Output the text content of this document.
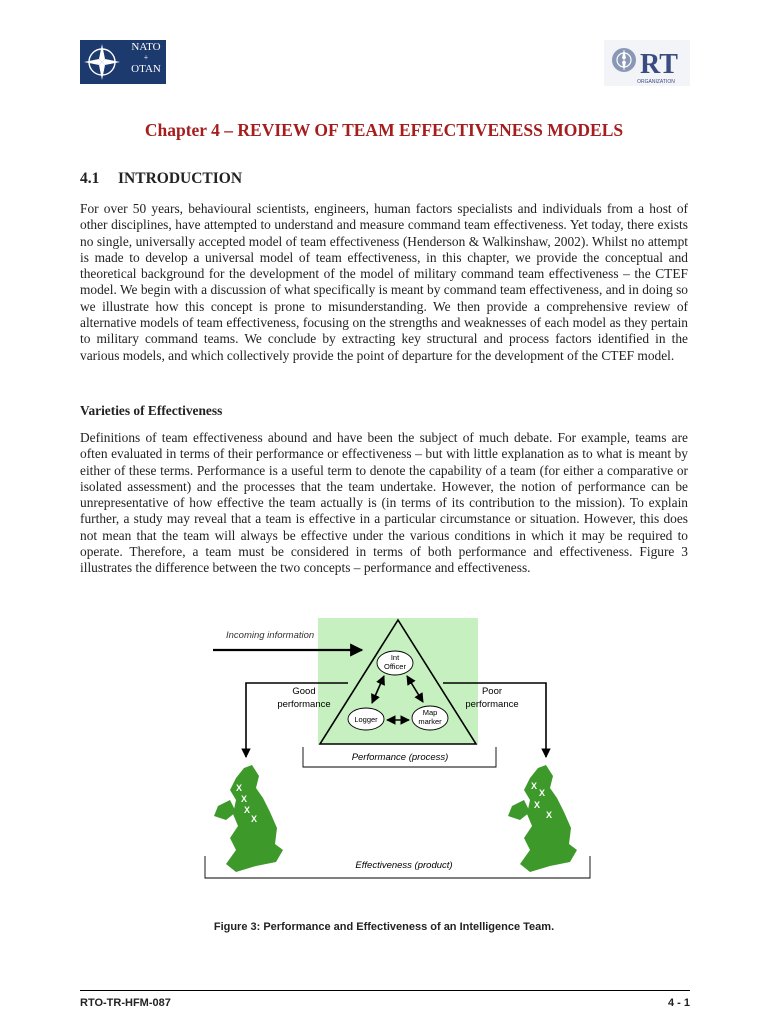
NATO
+
OTAN	RT
ORGANIZATION
Chapter 4 – REVIEW OF TEAM EFFECTIVENESS MODELS
4.1 INTRODUCTION

For over 50 years, behavioural scientists, engineers, human factors specialists and individuals from a host of other disciplines, have attempted to understand and measure command team effectiveness. Yet today, there exists no single, universally accepted model of team effectiveness (Henderson & Walkinshaw, 2002). Whilst no attempt is made to develop a universal model of team effectiveness, in this chapter, we provide the conceptual and theoretical background for the development of the model of military command team effectiveness – the CTEF model. We begin with a discussion of what specifically is meant by command team effectiveness, and in doing so we illustrate how this concept is prone to misunderstanding. We then provide a comprehensive review of alternative models of team effectiveness, focusing on the strengths and weaknesses of each model as they pertain to military command teams. We conclude by extracting key structural and process factors identified in the various models, and which collectively provide the point of departure for the development of the CTEF model.

Varieties of Effectiveness

Definitions of team effectiveness abound and have been the subject of much debate. For example, teams are often evaluated in terms of their performance or effectiveness – but with little explanation as to what is meant by either of these terms. Performance is a useful term to denote the capability of a team (for either a comparative or isolated assessment) and the processes that the team undertake. However, the notion of performance can be unrepresentative of how effective the team actually is (in terms of its contribution to the mission). To explain further, a study may reveal that a team is effective in a particular circumstance or situation. However, this does not mean that the team will always be effective under the various conditions in which it may be required to operate. Therefore, a team must be considered in terms of both performance and effectiveness. Figure 3 illustrates the difference between the two concepts – performance and effectiveness.

Incoming information
Int
Officer
Logger
Map
marker
Good
performance
Poor
performance
Performance (process)
X
X
X
X
X
X
X
X
Effectiveness (product)
Figure 3: Performance and Effectiveness of an Intelligence Team.
RTO-TR-HFM-087	4 - 1
